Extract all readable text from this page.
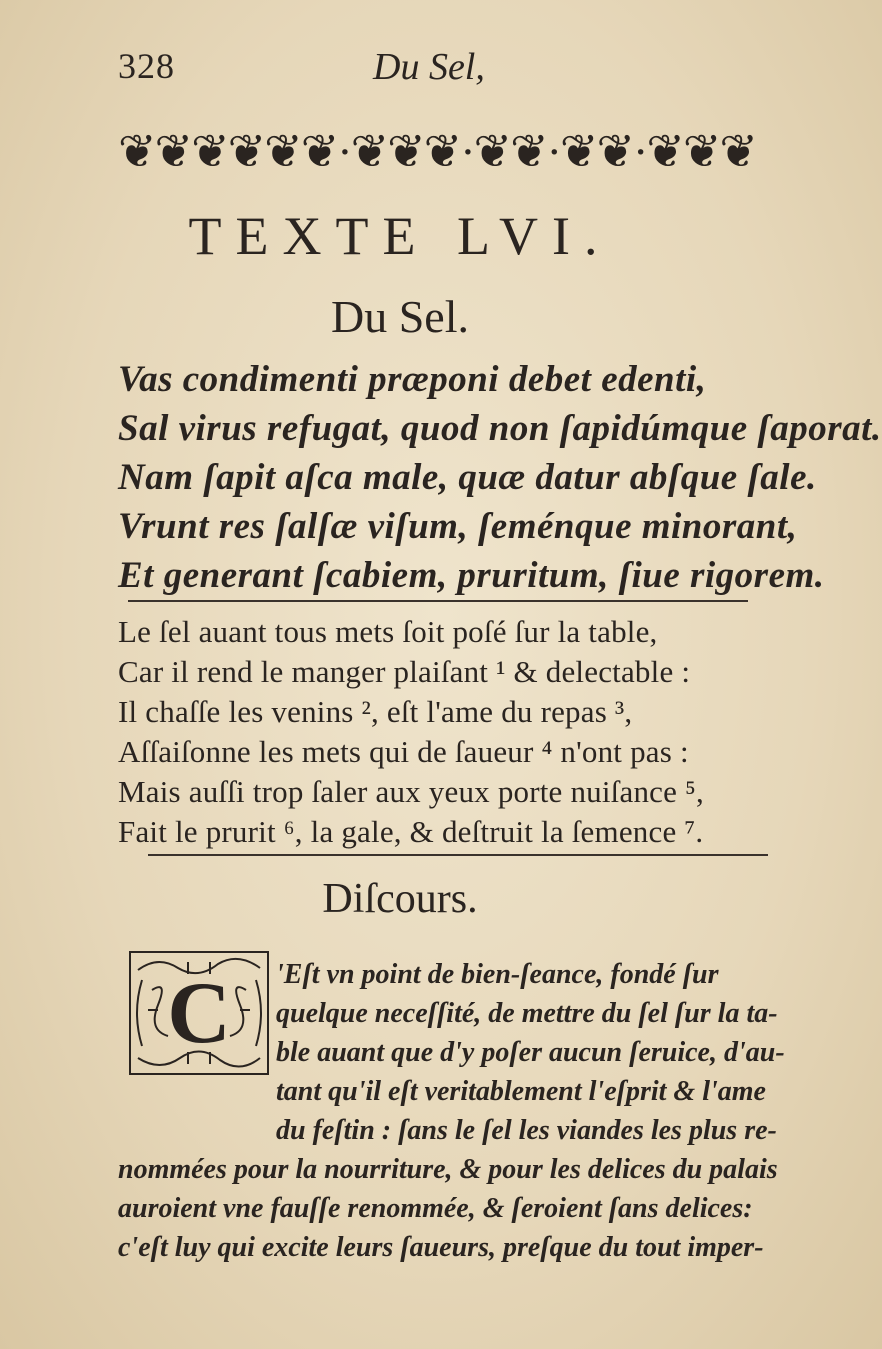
328	Du Sel,
❦❦❦❦❦❦·❦❦❦·❦❦·❦❦·❦❦❦
TEXTE LVI.
Du Sel.
Vas condimenti præponi debet edenti,
Sal virus refugat, quod non ſapidúmque ſaporat.
Nam ſapit aſca male, quæ datur abſque ſale.
Vrunt res ſalſæ viſum, ſeménque minorant,
Et generant ſcabiem, pruritum, ſiue rigorem.
Le ſel auant tous mets ſoit poſé ſur la table,
Car il rend le manger plaiſant ¹ & delectable :
Il chaſſe les venins ², eſt l'ame du repas ³,
Aſſaiſonne les mets qui de ſaueur ⁴ n'ont pas :
Mais auſſi trop ſaler aux yeux porte nuiſance ⁵,
Fait le prurit ⁶, la gale, & deſtruit la ſemence ⁷.
Diſcours.
C	'Eſt vn point de bien-ſeance, fondé ſur
quelque neceſſité, de mettre du ſel ſur la ta-
ble auant que d'y poſer aucun ſeruice, d'au-
tant qu'il eſt veritablement l'eſprit & l'ame
du feſtin : ſans le ſel les viandes les plus re-
nommées pour la nourriture, & pour les delices du palais
auroient vne fauſſe renommée, & ſeroient ſans delices:
c'eſt luy qui excite leurs ſaueurs, preſque du tout imper-
